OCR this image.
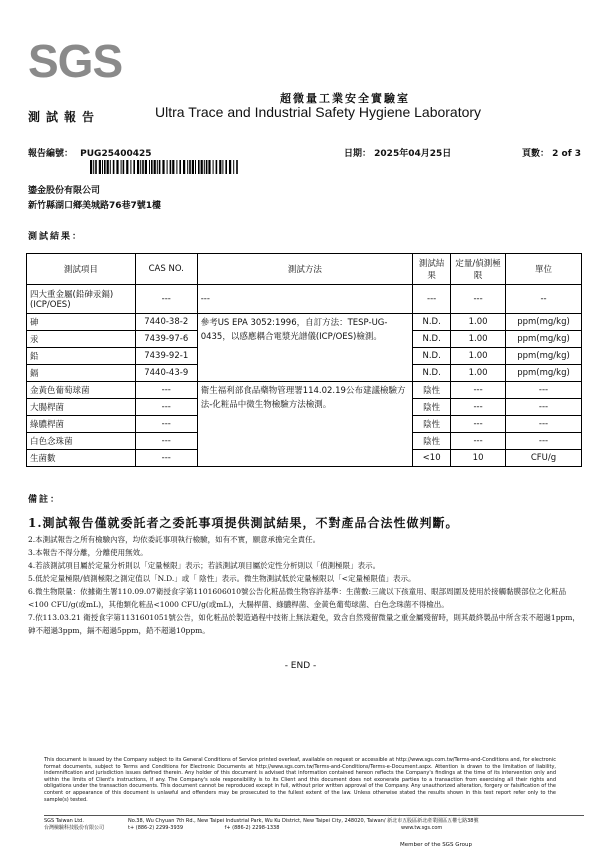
SGS
測試報告
超微量工業安全實驗室
Ultra Trace and Industrial Safety Hygiene Laboratory
報告編號： PUG25400425	日期： 2025年04月25日	頁數： 2 of 3
鎏金股份有限公司
新竹縣湖口鄉美城路76巷7號1樓
測試結果：
測試項目	CAS NO.	測試方法	測試結果	定量/偵測極限	單位
四大重金屬(鉛砷汞鎘)(ICP/OES)	---	---	---	---	--
砷	7440-38-2	參考US EPA 3052:1996，自訂方法：TESP-UG-0435，以感應耦合電漿光譜儀(ICP/OES)檢測。	N.D.	1.00	ppm(mg/kg)
汞	7439-97-6		N.D.	1.00	ppm(mg/kg)
鉛	7439-92-1		N.D.	1.00	ppm(mg/kg)
鎘	7440-43-9		N.D.	1.00	ppm(mg/kg)
金黃色葡萄球菌	---	衛生福利部食品藥物管理署114.02.19公布建議檢驗方法-化粧品中微生物檢驗方法檢測。	陰性	---	---
大腸桿菌	---		陰性	---	---
綠膿桿菌	---		陰性	---	---
白色念珠菌	---		陰性	---	---
生菌數	---		<10	10	CFU/g
備註：
1.測試報告僅就委託者之委託事項提供測試結果，不對產品合法性做判斷。
2.本測試報告之所有檢驗內容，均依委託事項執行檢驗，如有不實，願意承擔完全責任。
3.本報告不得分離，分離使用無效。
4.若該測試項目屬於定量分析則以「定量極限」表示；若該測試項目屬於定性分析則以「偵測極限」表示。
5.低於定量極限/偵測極限之測定值以「N.D.」或「 陰性」表示。微生物測試低於定量極限以「<定量極限值」表示。
6.微生物限量：依據衛生署110.09.07衛授食字第1101606010號公告化粧品微生物容許基準：生菌數:三歲以下孩童用、眼部周圍及使用於接觸黏膜部位之化粧品<100 CFU/g(或mL)，其他類化粧品<1000 CFU/g(或mL)，大腸桿菌、綠膿桿菌、金黃色葡萄球菌、白色念珠菌不得檢出。
7.依113.03.21 衛授食字第1131601051號公告，如化粧品於製造過程中技術上無法避免，致含自然殘留微量之重金屬殘留時，則其最終製品中所含汞不超過1ppm，砷不超過3ppm，鎘不超過5ppm，鉛不超過10ppm。
- END -
This document is issued by the Company subject to its General Conditions of Service printed overleaf, available on request or accessible at http://www.sgs.com.tw/Terms-and-Conditions and, for electronic format documents, subject to Terms and Conditions for Electronic Documents at http://www.sgs.com.tw/Terms-and-Conditions/Terms-e-Document.aspx. Attention is drawn to the limitation of liability, indemnification and jurisdiction issues defined therein. Any holder of this document is advised that information contained hereon reflects the Company's findings at the time of its intervention only and within the limits of Client's instructions, if any. The Company's sole responsibility is to its Client and this document does not exonerate parties to a transaction from exercising all their rights and obligations under the transaction documents. This document cannot be reproduced except in full, without prior written approval of the Company. Any unauthorized alteration, forgery or falsification of the content or appearance of this document is unlawful and offenders may be prosecuted to the fullest extent of the law. Unless otherwise stated the results shown in this test report refer only to the sample(s) tested.
SGS Taiwan Ltd.
台灣檢驗科技股份有限公司
No.38, Wu Chyuan 7th Rd., New Taipei Industrial Park, Wu Ku District, New Taipei City, 248020, Taiwan/ 新北市五股區新北產業園區五權七路38號
t+ (886-2) 2299-3939	f+ (886-2) 2298-1338	www.tw.sgs.com
Member of the SGS Group
